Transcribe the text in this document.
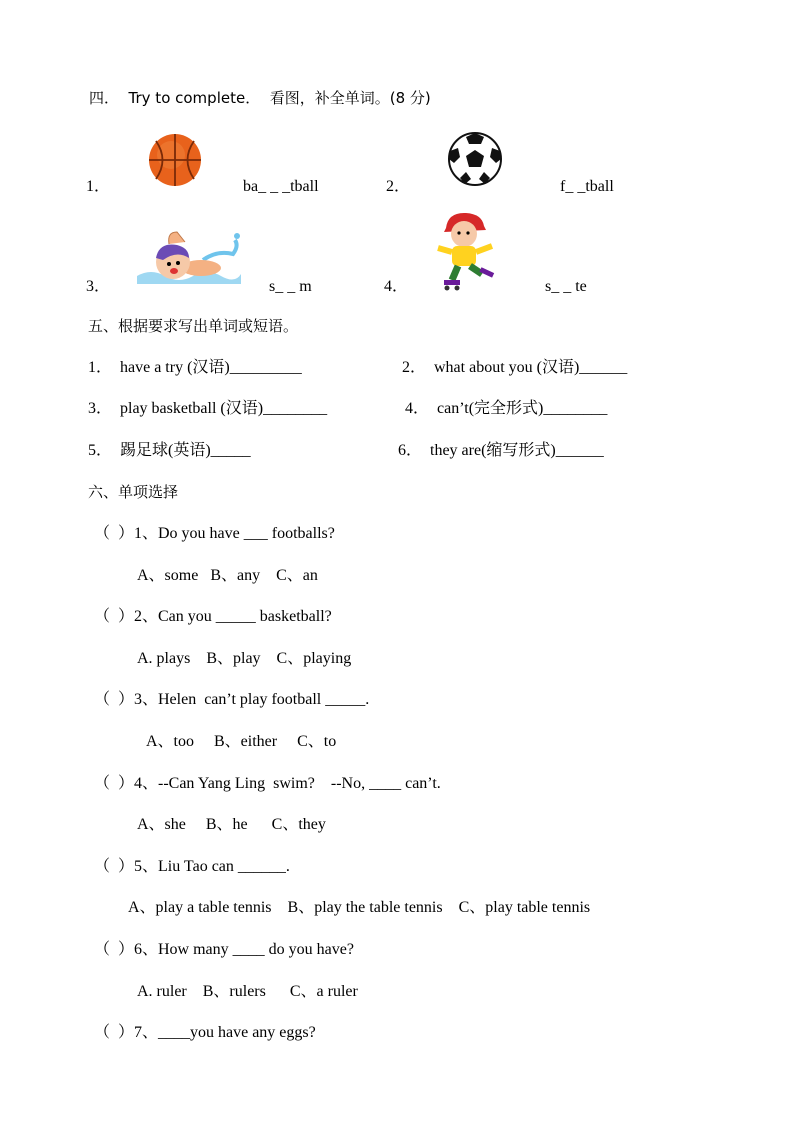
四．  Try to complete．  看图，补全单词。(8 分)
1．	ba_ _ _tball	2．	f_ _tball
3．	s_ _ m	4．	s_ _ te
五、根据要求写出单词或短语。
1．  have a try (汉语)_________	2．  what about you (汉语)______
3．  play basketball (汉语)________	4．  can’t(完全形式)________
5．  踢足球(英语)_____	6．  they are(缩写形式)______
六、单项选择
（  ）1、Do you have ___ footballs?
A、some   B、any    C、an
（  ）2、Can you _____ basketball?
A. plays    B、play    C、playing
（  ）3、Helen  can’t play football _____.
A、too     B、either     C、to
（  ）4、--Can Yang Ling  swim?    --No, ____ can’t.
A、she     B、he      C、they
（  ）5、Liu Tao can ______.
A、play a table tennis    B、play the table tennis    C、play table tennis
（  ）6、How many ____ do you have?
A. ruler    B、rulers      C、a ruler
（  ）7、____you have any eggs?
